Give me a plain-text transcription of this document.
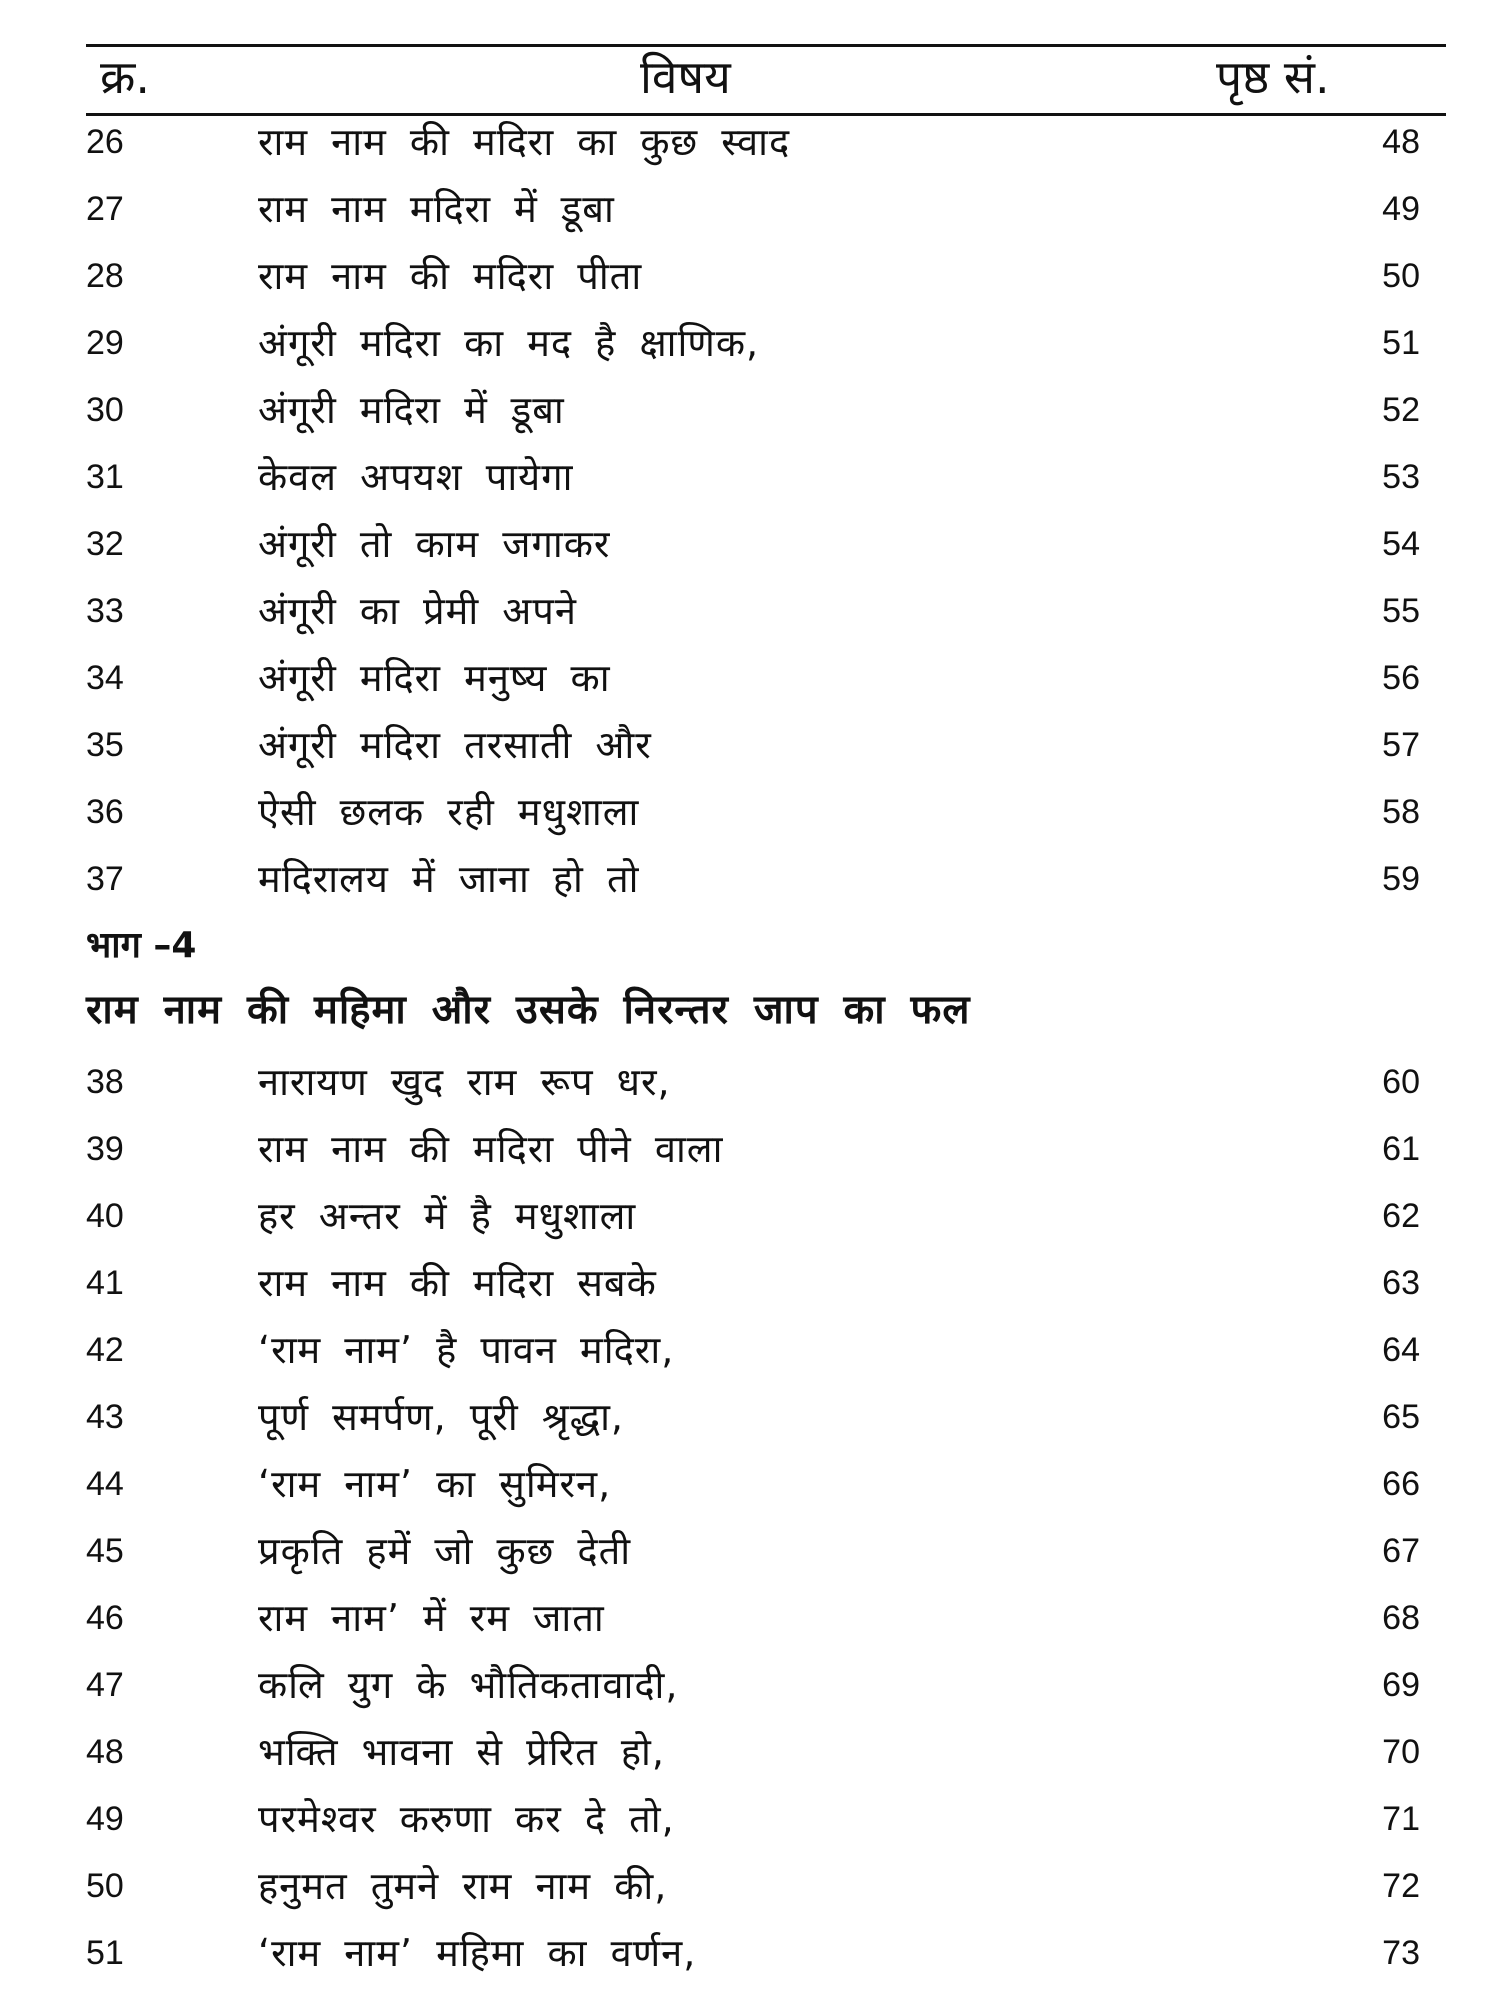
क्र.	विषय	पृष्ठ सं.
26	राम नाम की मदिरा का कुछ स्वाद	48
27	राम नाम मदिरा में डूबा	49
28	राम नाम की मदिरा पीता	50
29	अंगूरी मदिरा का मद है क्षाणिक,	51
30	अंगूरी मदिरा में डूबा	52
31	केवल अपयश पायेगा	53
32	अंगूरी तो काम जगाकर	54
33	अंगूरी का प्रेमी अपने	55
34	अंगूरी मदिरा मनुष्य का	56
35	अंगूरी मदिरा तरसाती और	57
36	ऐसी छलक रही मधुशाला	58
37	मदिरालय में जाना हो तो	59
भाग –4
राम नाम की महिमा और उसके निरन्तर जाप का फल
38	नारायण खुद राम रूप धर,	60
39	राम नाम की मदिरा पीने वाला	61
40	हर अन्तर में है मधुशाला	62
41	राम नाम की मदिरा सबके	63
42	‘राम नाम’ है पावन मदिरा,	64
43	पूर्ण समर्पण, पूरी श्रृद्धा,	65
44	‘राम नाम’ का सुमिरन,	66
45	प्रकृति हमें जो कुछ देती	67
46	राम नाम’ में रम जाता	68
47	कलि युग के भौतिकतावादी,	69
48	भक्ति भावना से प्रेरित हो,	70
49	परमेश्वर करुणा कर दे तो,	71
50	हनुमत तुमने राम नाम की,	72
51	‘राम नाम’ महिमा का वर्णन,	73
